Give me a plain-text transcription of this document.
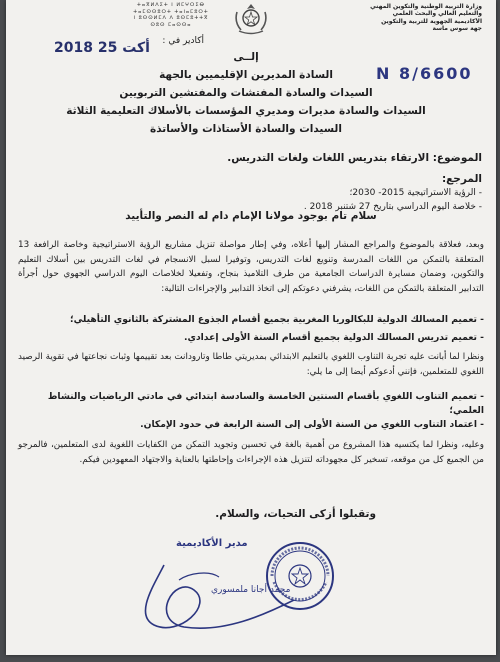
وزارة التربية الوطنية والتكوين المهني
والتعليم العالي والبحث العلمي
الأكاديمية الجهوية للتربية والتكوين
جهة سوس ماسة
ⵜⴰⴳⵍⴷⵉⵜ ⵏ ⵍⵎⵖⵔⵉⴱ
ⵜⴰⵎⵙⵙⵓⵔⵜ ⵜⴰⵏⴰⵎⵓⵔⵜ
ⵏ ⵓⵙⵙⵍⵎⴷ ⴷ ⵓⵙⵎⵓⵜⵜⴳ
ⵙⵓⵙ ⵎⴰⵙⵙⴰ
2018 أكت 25 أكادير في :
N 8/6600
إلــى
السادة المديرين الإقليميين بالجهة
السيدات والسادة المفتشات والمفتشين التربويين
السيدات والسادة مديرات ومديري المؤسسات بالأسلاك التعليمية الثلاثة
السيدات والسادة الأستاذات والأساتذة
الموضوع: الارتقاء بتدريس اللغات ولغات التدريس.
المرجع:
- الرؤية الاستراتيجية 2015- 2030؛
- خلاصة اليوم الدراسي بتاريخ 27 شتنبر 2018 .
سلام تام بوجود مولانا الإمام دام له النصر والتأييد
وبعد، فعلاقة بالموضوع والمراجع المشار إليها أعلاه، وفي إطار مواصلة تنزيل مشاريع الرؤية الاستراتيجية وخاصة الرافعة 13 المتعلقة بالتمكن من اللغات المدرسة وتنويع لغات التدريس، وتوفيرا لسبل الانسجام في لغات التدريس بين أسلاك التعليم والتكوين، وضمان مسايرة الدراسات الجامعية من طرف التلاميذ بنجاح، وتفعيلا لخلاصات اليوم الدراسي الجهوي حول أجرأة التدابير المتعلقة بالتمكن من اللغات، يشرفني دعوتكم إلى اتخاذ التدابير والإجراءات التالية:
- تعميم المسالك الدولية للبكالوريا المغربية بجميع أقسام الجذوع المشتركة بالثانوي التأهيلي؛
- تعميم تدريس المسالك الدولية بجميع أقسام السنة الأولى إعدادي.
ونظرا لما أبانت عليه تجربة التناوب اللغوي بالتعليم الابتدائي بمديريتي طاطا وتارودانت بعد تقييمها وثبات نجاعتها في تقوية الرصيد اللغوي للمتعلمين، فإنني أدعوكم أيضا إلى ما يلي:
- تعميم التناوب اللغوي بأقسام السنتين الخامسة والسادسة ابتدائي في مادتي الرياضيات والنشاط العلمي؛
- اعتماد التناوب اللغوي من السنة الأولى إلى السنة الرابعة في حدود الإمكان.
وعليه، ونظرا لما يكتسيه هذا المشروع من أهمية بالغة في تحسين وتجويد التمكن من الكفايات اللغوية لدى المتعلمين، فالمرجو من الجميع كل من موقعه، تسخير كل مجهوداته لتنزيل هذه الإجراءات وإحاطتها بالعناية والاجتهاد المعهودين فيكم.
وتقبلوا أزكى التحيات، والسلام.
مدير الأكاديمية
محمد أجانا ملمسوري
